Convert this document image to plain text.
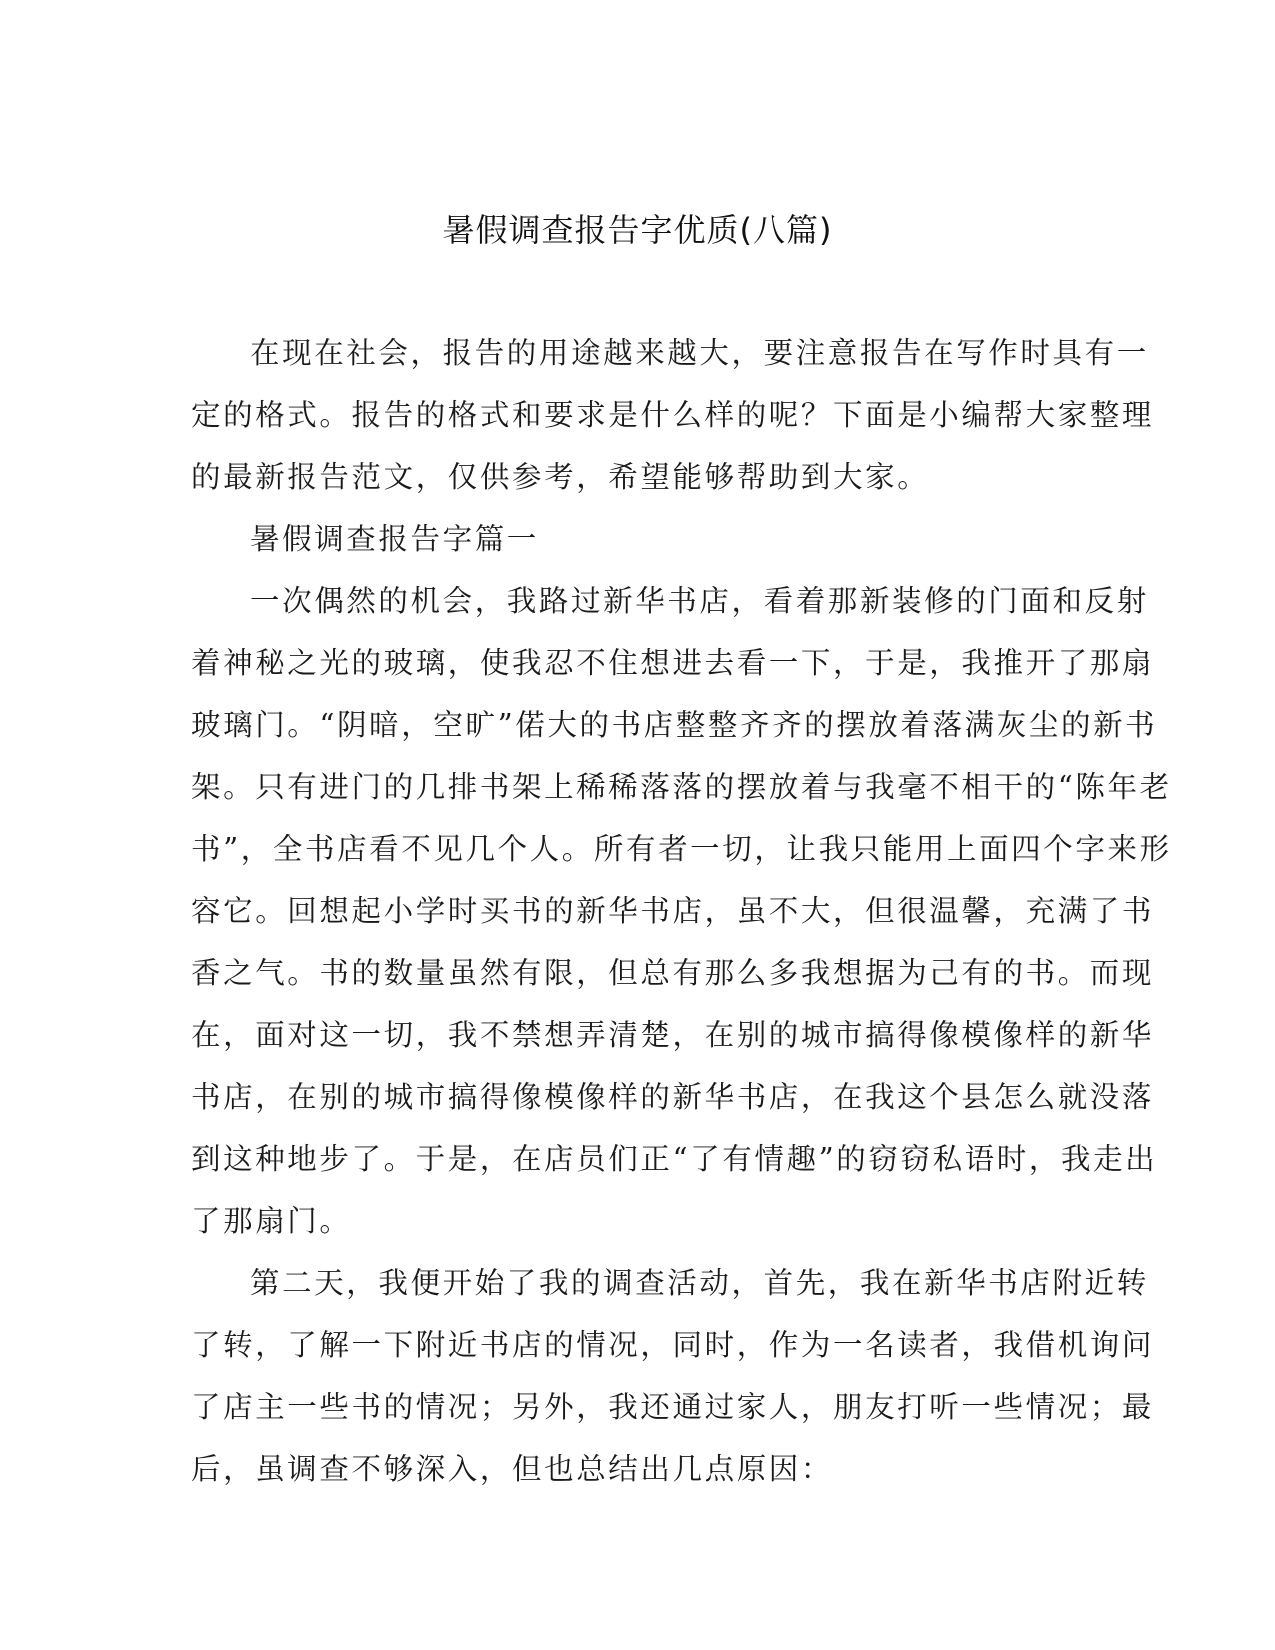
暑假调查报告字优质(八篇)
在现在社会，报告的用途越来越大，要注意报告在写作时具有一
定的格式。报告的格式和要求是什么样的呢？下面是小编帮大家整理
的最新报告范文，仅供参考，希望能够帮助到大家。
暑假调查报告字篇一
一次偶然的机会，我路过新华书店，看着那新装修的门面和反射
着神秘之光的玻璃，使我忍不住想进去看一下，于是，我推开了那扇
玻璃门。“阴暗，空旷”偌大的书店整整齐齐的摆放着落满灰尘的新书
架。只有进门的几排书架上稀稀落落的摆放着与我毫不相干的“陈年老
书”，全书店看不见几个人。所有者一切，让我只能用上面四个字来形
容它。回想起小学时买书的新华书店，虽不大，但很温馨，充满了书
香之气。书的数量虽然有限，但总有那么多我想据为己有的书。而现
在，面对这一切，我不禁想弄清楚，在别的城市搞得像模像样的新华
书店，在别的城市搞得像模像样的新华书店，在我这个县怎么就没落
到这种地步了。于是，在店员们正“了有情趣”的窃窃私语时，我走出
了那扇门。
第二天，我便开始了我的调查活动，首先，我在新华书店附近转
了转，了解一下附近书店的情况，同时，作为一名读者，我借机询问
了店主一些书的情况；另外，我还通过家人，朋友打听一些情况；最
后，虽调查不够深入，但也总结出几点原因：
